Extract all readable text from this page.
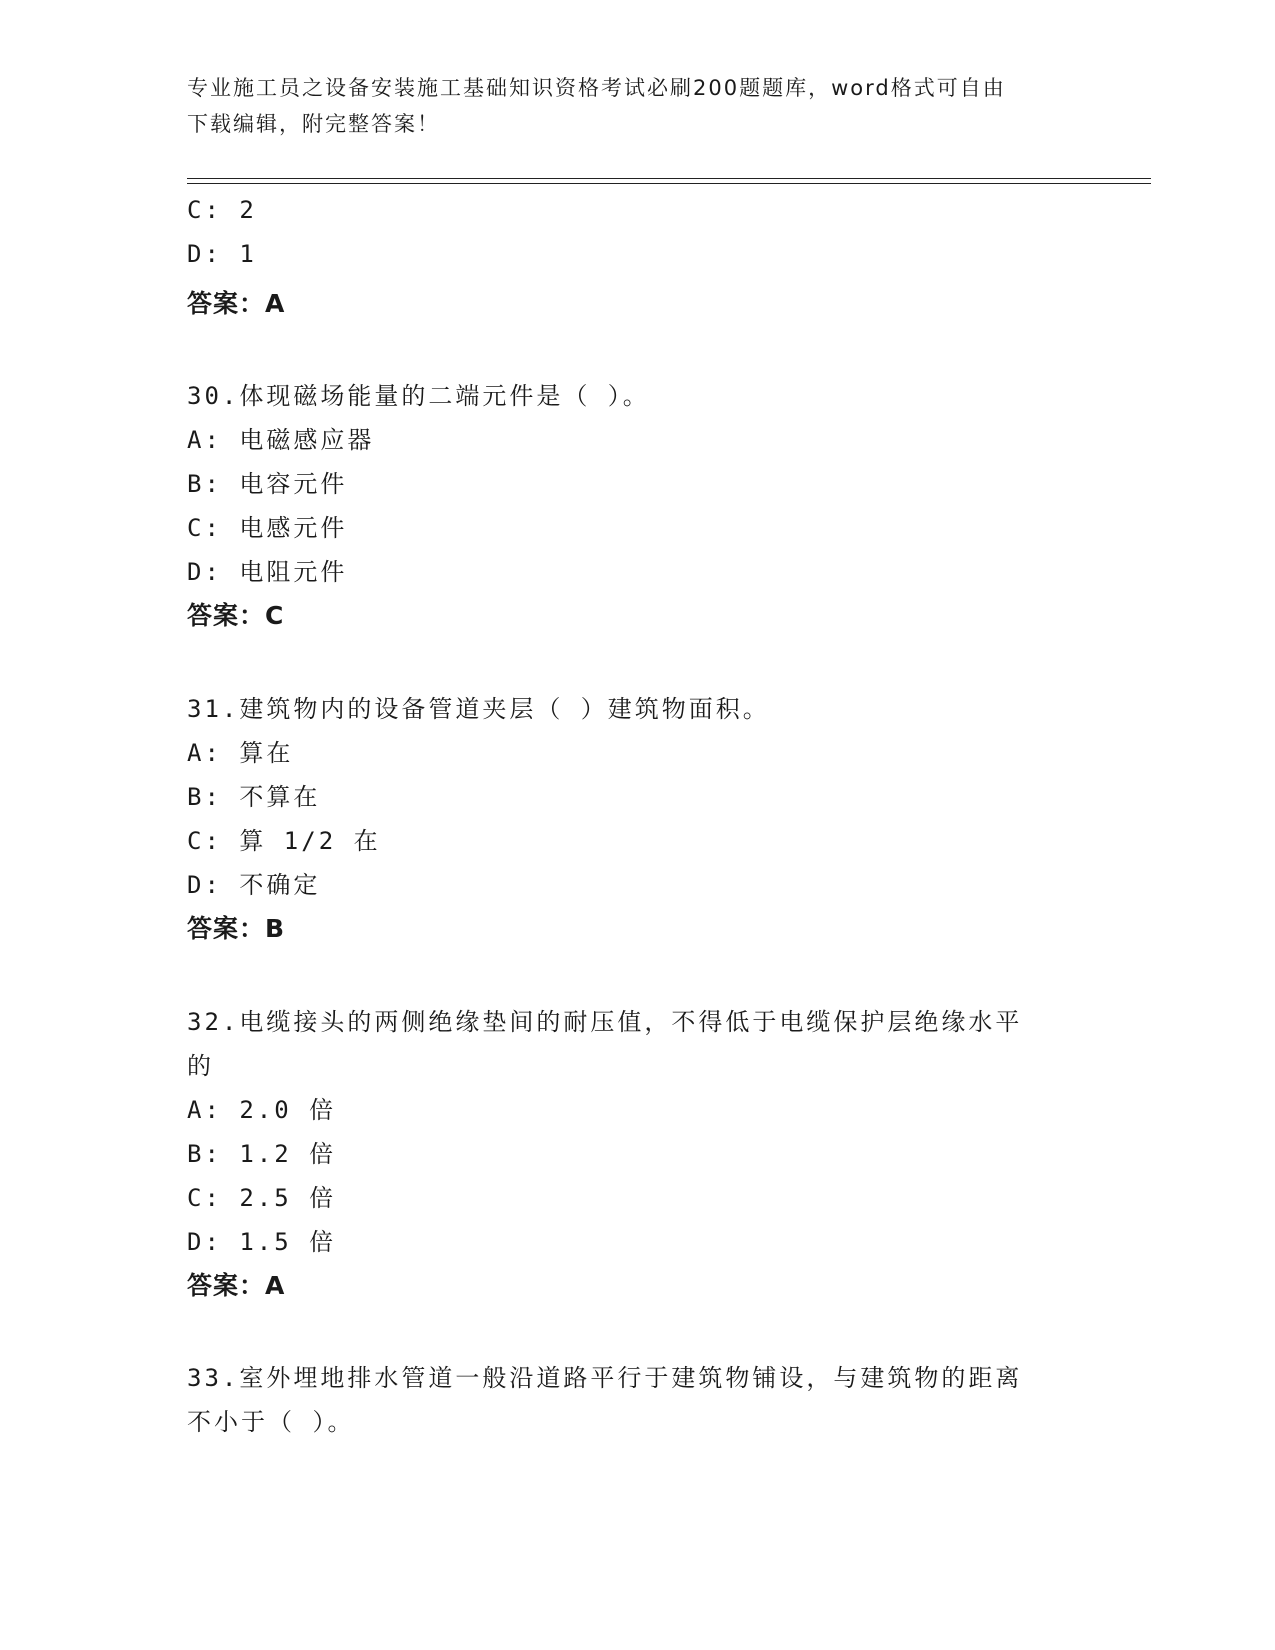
专业施工员之设备安装施工基础知识资格考试必刷200题题库，word格式可自由
下载编辑，附完整答案！
C: 2
D: 1
答案：A
30.体现磁场能量的二端元件是（ ）。
A: 电磁感应器
B: 电容元件
C: 电感元件
D: 电阻元件
答案：C
31.建筑物内的设备管道夹层（ ）建筑物面积。
A: 算在
B: 不算在
C: 算 1/2 在
D: 不确定
答案：B
32.电缆接头的两侧绝缘垫间的耐压值，不得低于电缆保护层绝缘水平
的
A: 2.0 倍
B: 1.2 倍
C: 2.5 倍
D: 1.5 倍
答案：A
33.室外埋地排水管道一般沿道路平行于建筑物铺设，与建筑物的距离
不小于（ ）。
